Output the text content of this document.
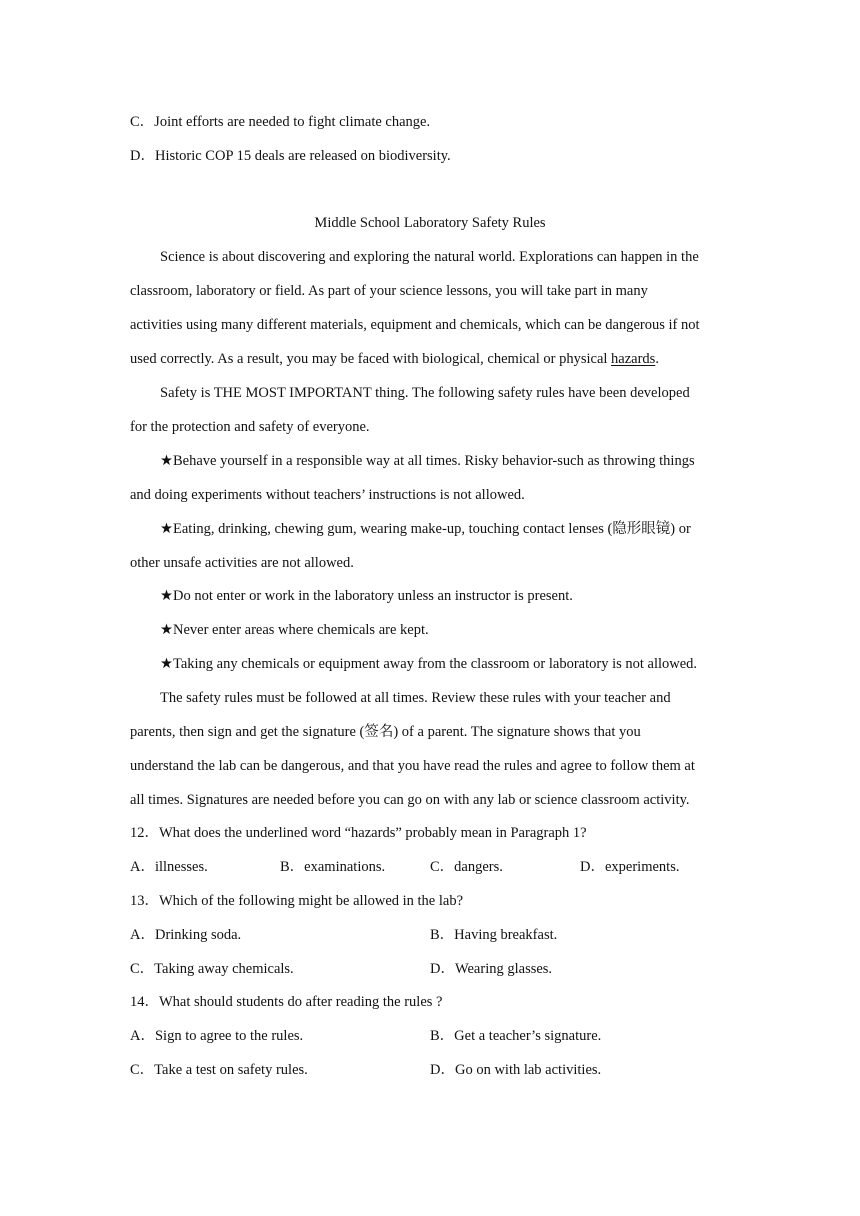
C．Joint efforts are needed to fight climate change.
D．Historic COP 15 deals are released on biodiversity.
Middle School Laboratory Safety Rules
Science is about discovering and exploring the natural world. Explorations can happen in the
classroom, laboratory or field. As part of your science lessons, you will take part in many
activities using many different materials, equipment and chemicals, which can be dangerous if not
used correctly. As a result, you may be faced with biological, chemical or physical hazards.
Safety is THE MOST IMPORTANT thing. The following safety rules have been developed
for the protection and safety of everyone.
★Behave yourself in a responsible way at all times. Risky behavior-such as throwing things
and doing experiments without teachers’ instructions is not allowed.
★Eating, drinking, chewing gum, wearing make-up, touching contact lenses (隐形眼镜) or
other unsafe activities are not allowed.
★Do not enter or work in the laboratory unless an instructor is present.
★Never enter areas where chemicals are kept.
★Taking any chemicals or equipment away from the classroom or laboratory is not allowed.
The safety rules must be followed at all times. Review these rules with your teacher and
parents, then sign and get the signature (签名) of a parent. The signature shows that you
understand the lab can be dangerous, and that you have read the rules and agree to follow them at
all times. Signatures are needed before you can go on with any lab or science classroom activity.
12．What does the underlined word “hazards” probably mean in Paragraph 1?
A．illnesses.	B．examinations.	C．dangers.	D．experiments.
13．Which of the following might be allowed in the lab?
A．Drinking soda.	B．Having breakfast.
C．Taking away chemicals.	D．Wearing glasses.
14．What should students do after reading the rules ?
A．Sign to agree to the rules.	B．Get a teacher’s signature.
C．Take a test on safety rules.	D．Go on with lab activities.
